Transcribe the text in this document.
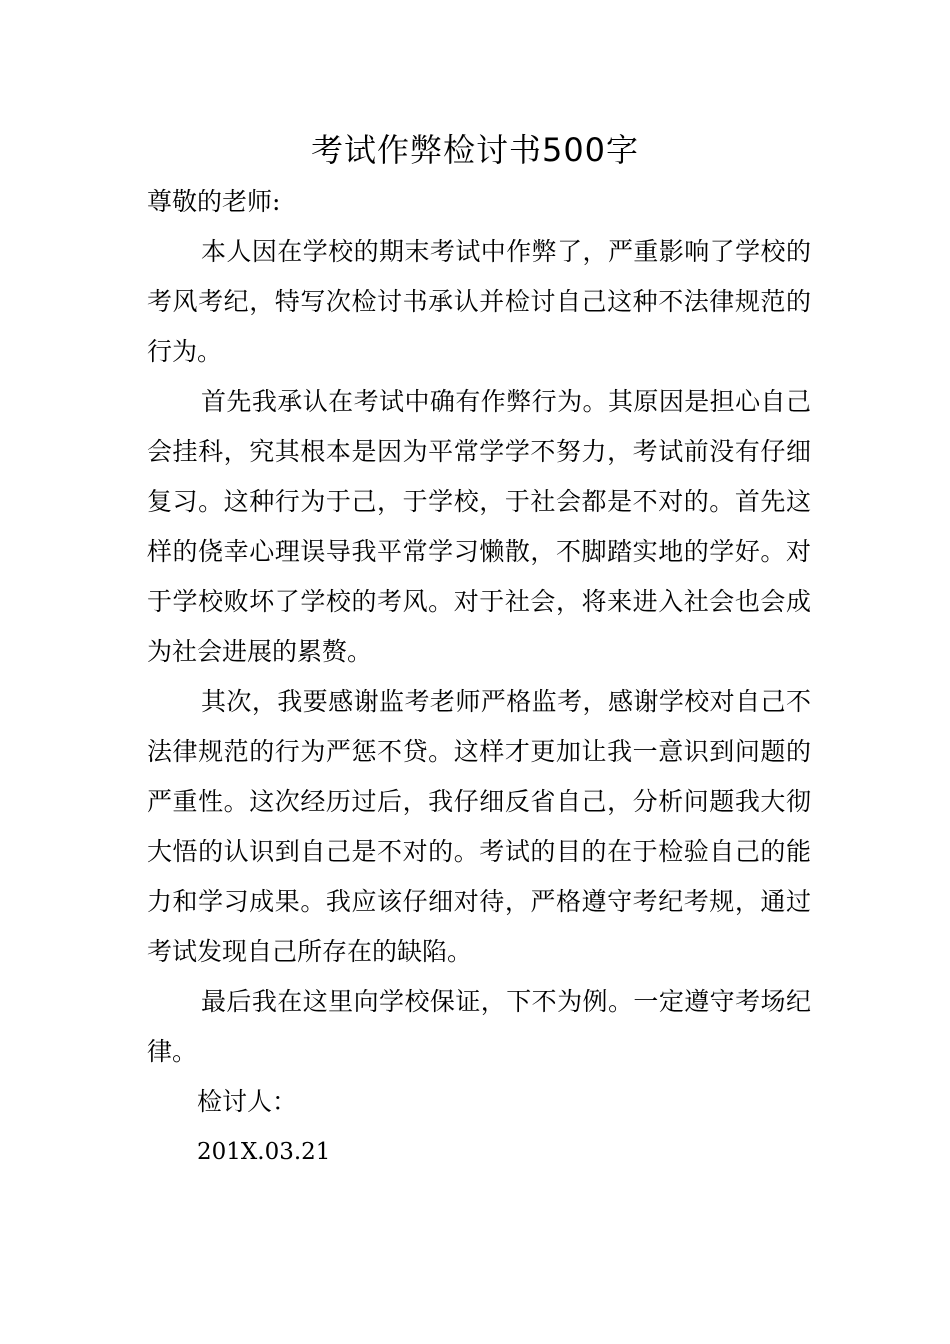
考试作弊检讨书500字

尊敬的老师:

本人因在学校的期末考试中作弊了，严重影响了学校的考风考纪，特写次检讨书承认并检讨自己这种不法律规范的行为。

首先我承认在考试中确有作弊行为。其原因是担心自己会挂科，究其根本是因为平常学学不努力，考试前没有仔细复习。这种行为于己，于学校，于社会都是不对的。首先这样的侥幸心理误导我平常学习懒散，不脚踏实地的学好。对于学校败坏了学校的考风。对于社会，将来进入社会也会成为社会进展的累赘。

其次，我要感谢监考老师严格监考，感谢学校对自己不法律规范的行为严惩不贷。这样才更加让我一意识到问题的严重性。这次经历过后，我仔细反省自己，分析问题我大彻大悟的认识到自己是不对的。考试的目的在于检验自己的能力和学习成果。我应该仔细对待，严格遵守考纪考规，通过考试发现自己所存在的缺陷。

最后我在这里向学校保证，下不为例。一定遵守考场纪律。

检讨人：

201X.03.21
